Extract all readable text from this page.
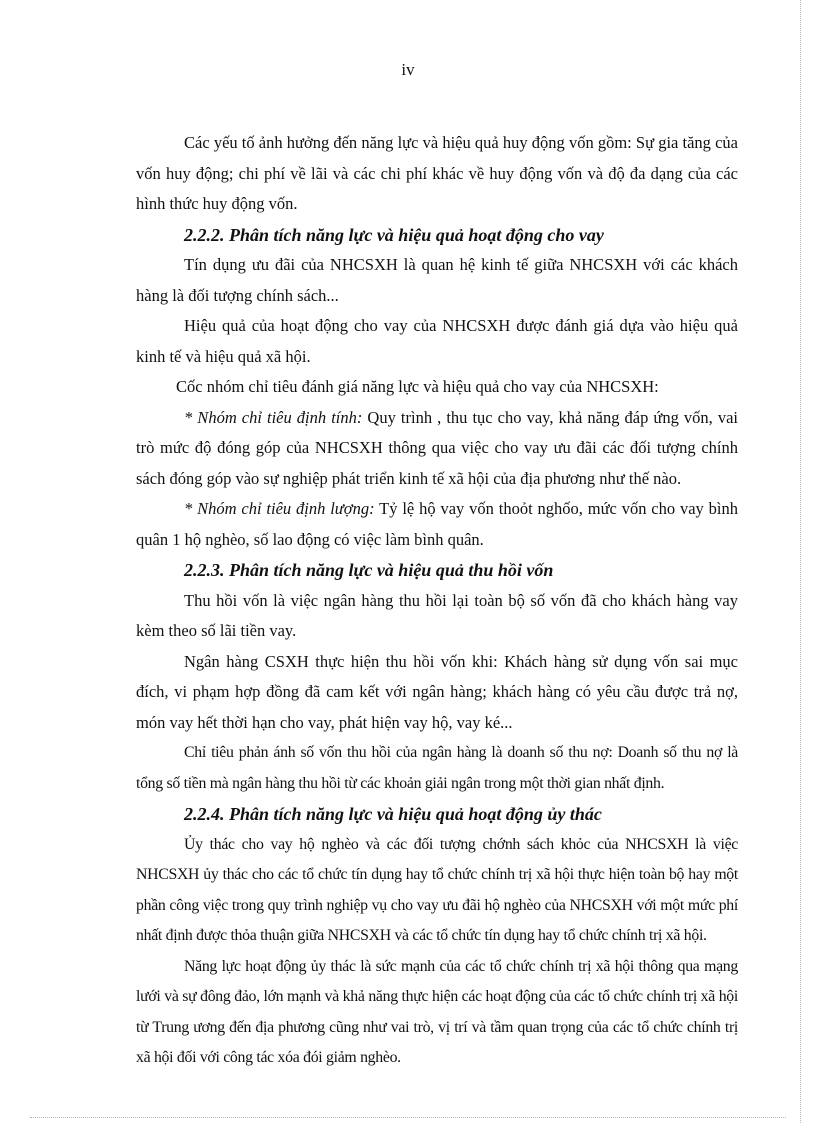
iv

Các yếu tố ảnh hưởng đến năng lực và hiệu quả huy động vốn gồm: Sự gia tăng của vốn huy động; chi phí về lãi và các chi phí khác về huy động vốn và độ đa dạng của các hình thức huy động vốn.

2.2.2. Phân tích năng lực và hiệu quả hoạt động cho vay

Tín dụng ưu đãi của NHCSXH là quan hệ kinh tế giữa NHCSXH với các khách hàng là đối tượng chính sách...

Hiệu quả của hoạt động cho vay của NHCSXH được đánh giá dựa vào hiệu quả kinh tế và hiệu quả xã hội.

Cốc nhóm chỉ tiêu đánh giá năng lực và hiệu quả cho vay của NHCSXH:

* Nhóm chỉ tiêu định tính: Quy trình , thu tục cho vay, khả năng đáp ứng vốn, vai trò mức độ đóng góp của NHCSXH thông qua việc cho vay ưu đãi các đối tượng chính sách đóng góp vào sự nghiệp phát triển kinh tế xã hội của địa phương như thế nào.

* Nhóm chỉ tiêu định lượng: Tỷ lệ hộ vay vốn thoỏt nghốo, mức vốn cho vay bình quân 1 hộ nghèo, số lao động có việc làm bình quân.

2.2.3. Phân tích năng lực và hiệu quả thu hồi vốn

Thu hồi vốn là việc ngân hàng thu hồi lại toàn bộ số vốn đã cho khách hàng vay kèm theo số lãi tiền vay.

Ngân hàng CSXH thực hiện thu hồi vốn khi: Khách hàng sử dụng vốn sai mục đích, vi phạm hợp đồng đã cam kết với ngân hàng; khách hàng có yêu cầu được trả nợ, món vay hết thời hạn cho vay, phát hiện vay hộ, vay ké...

Chỉ tiêu phản ánh số vốn thu hồi của ngân hàng là doanh số thu nợ: Doanh số thu nợ là tổng số tiền mà ngân hàng thu hồi từ các khoản giải ngân trong một thời gian nhất định.

2.2.4. Phân tích năng lực và hiệu quả hoạt động ủy thác

Ủy thác cho vay hộ nghèo và các đối tượng chớnh sách khỏc của NHCSXH là việc NHCSXH ủy thác cho các tổ chức tín dụng hay tổ chức chính trị xã hội thực hiện toàn bộ hay một phần công việc trong quy trình nghiệp vụ cho vay ưu đãi hộ nghèo của NHCSXH với một mức phí nhất định được thỏa thuận giữa NHCSXH và các tổ chức tín dụng hay tổ chức chính trị xã hội.

Năng lực hoạt động ủy thác là sức mạnh của các tổ chức chính trị xã hội thông qua mạng lưới và sự đông đảo, lớn mạnh và khả năng thực hiện các hoạt động của các tổ chức chính trị xã hội từ Trung ương đến địa phương cũng như vai trò, vị trí và tầm quan trọng của các tổ chức chính trị xã hội đối với công tác xóa đói giảm nghèo.
